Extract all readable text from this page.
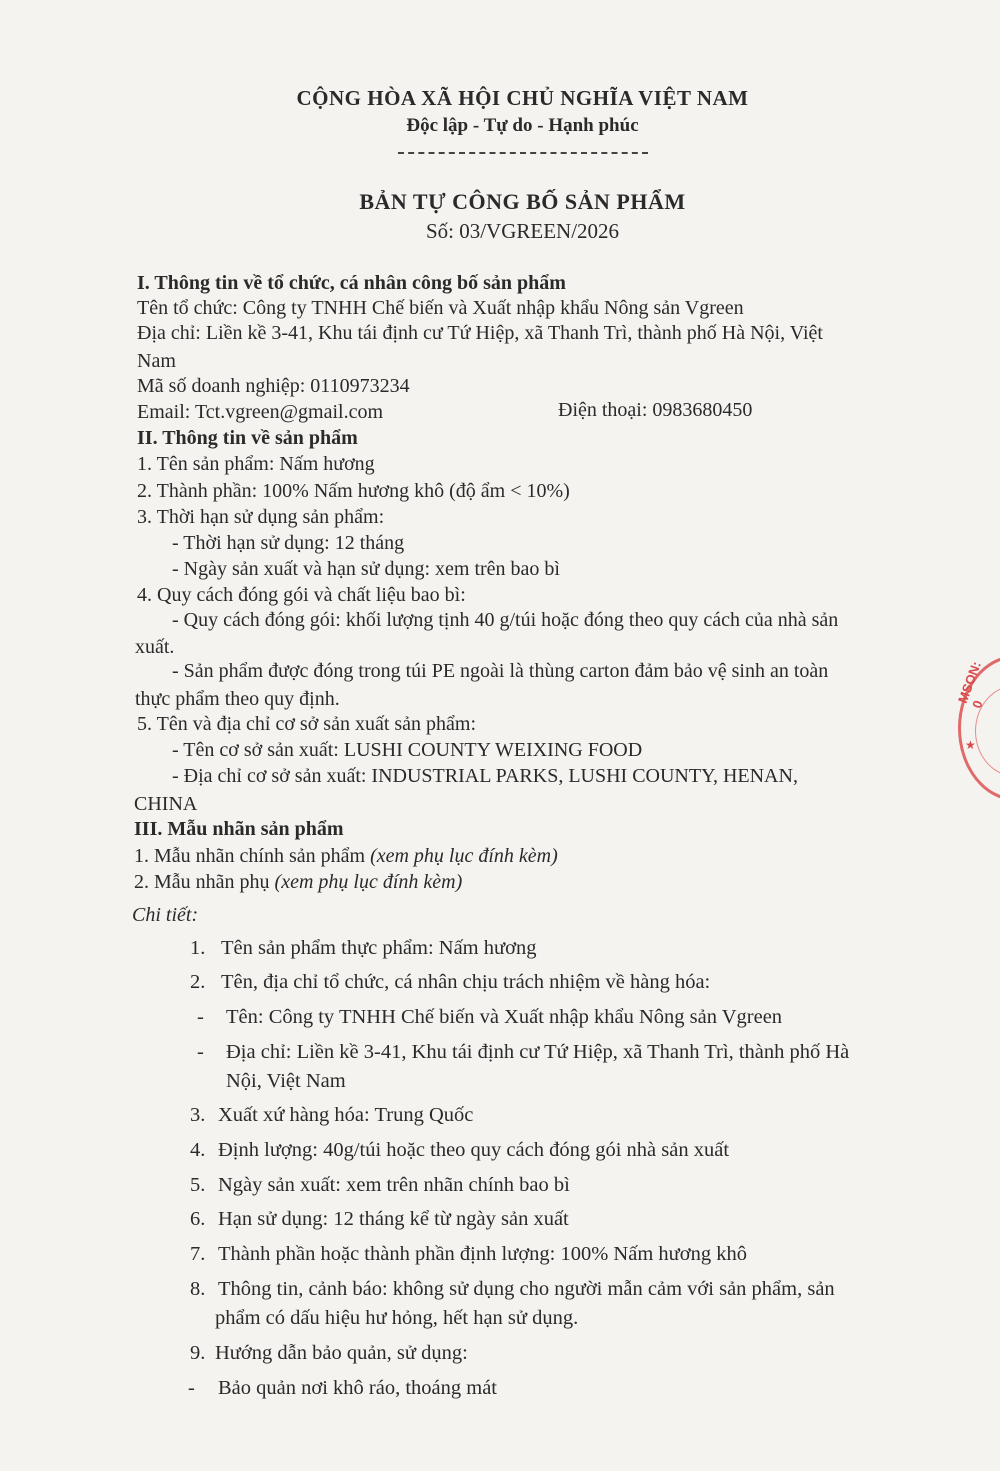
CỘNG HÒA XÃ HỘI CHỦ NGHĨA VIỆT NAM
Độc lập - Tự do - Hạnh phúc
BẢN TỰ CÔNG BỐ SẢN PHẨM
Số: 03/VGREEN/2026
I. Thông tin về tổ chức, cá nhân công bố sản phẩm
Tên tổ chức: Công ty TNHH Chế biến và Xuất nhập khẩu Nông sản Vgreen
Địa chỉ: Liền kề 3-41, Khu tái định cư Tứ Hiệp, xã Thanh Trì, thành phố Hà Nội, Việt
Nam
Mã số doanh nghiệp: 0110973234
Email: Tct.vgreen@gmail.com	Điện thoại: 0983680450
II. Thông tin về sản phẩm
1. Tên sản phẩm: Nấm hương
2. Thành phần: 100% Nấm hương khô (độ ẩm < 10%)
3. Thời hạn sử dụng sản phẩm:
- Thời hạn sử dụng: 12 tháng
- Ngày sản xuất và hạn sử dụng: xem trên bao bì
4. Quy cách đóng gói và chất liệu bao bì:
- Quy cách đóng gói: khối lượng tịnh 40 g/túi hoặc đóng theo quy cách của nhà sản
xuất.
- Sản phẩm được đóng trong túi PE ngoài là thùng carton đảm bảo vệ sinh an toàn
thực phẩm theo quy định.
5. Tên và địa chỉ cơ sở sản xuất sản phẩm:
- Tên cơ sở sản xuất: LUSHI COUNTY WEIXING FOOD
- Địa chỉ cơ sở sản xuất: INDUSTRIAL PARKS, LUSHI COUNTY, HENAN,
CHINA
III. Mẫu nhãn sản phẩm
1. Mẫu nhãn chính sản phẩm (xem phụ lục đính kèm)
2. Mẫu nhãn phụ (xem phụ lục đính kèm)
Chi tiết:
1. Tên sản phẩm thực phẩm: Nấm hương
2. Tên, địa chỉ tổ chức, cá nhân chịu trách nhiệm về hàng hóa:
- Tên: Công ty TNHH Chế biến và Xuất nhập khẩu Nông sản Vgreen
- Địa chỉ: Liền kề 3-41, Khu tái định cư Tứ Hiệp, xã Thanh Trì, thành phố Hà
Nội, Việt Nam
3. Xuất xứ hàng hóa: Trung Quốc
4. Định lượng: 40g/túi hoặc theo quy cách đóng gói nhà sản xuất
5. Ngày sản xuất: xem trên nhãn chính bao bì
6. Hạn sử dụng: 12 tháng kể từ ngày sản xuất
7. Thành phần hoặc thành phần định lượng: 100% Nấm hương khô
8. Thông tin, cảnh báo: không sử dụng cho người mẫn cảm với sản phẩm, sản
phẩm có dấu hiệu hư hỏng, hết hạn sử dụng.
9. Hướng dẫn bảo quản, sử dụng:
- Bảo quản nơi khô ráo, thoáng mát
MSON: 0
★
